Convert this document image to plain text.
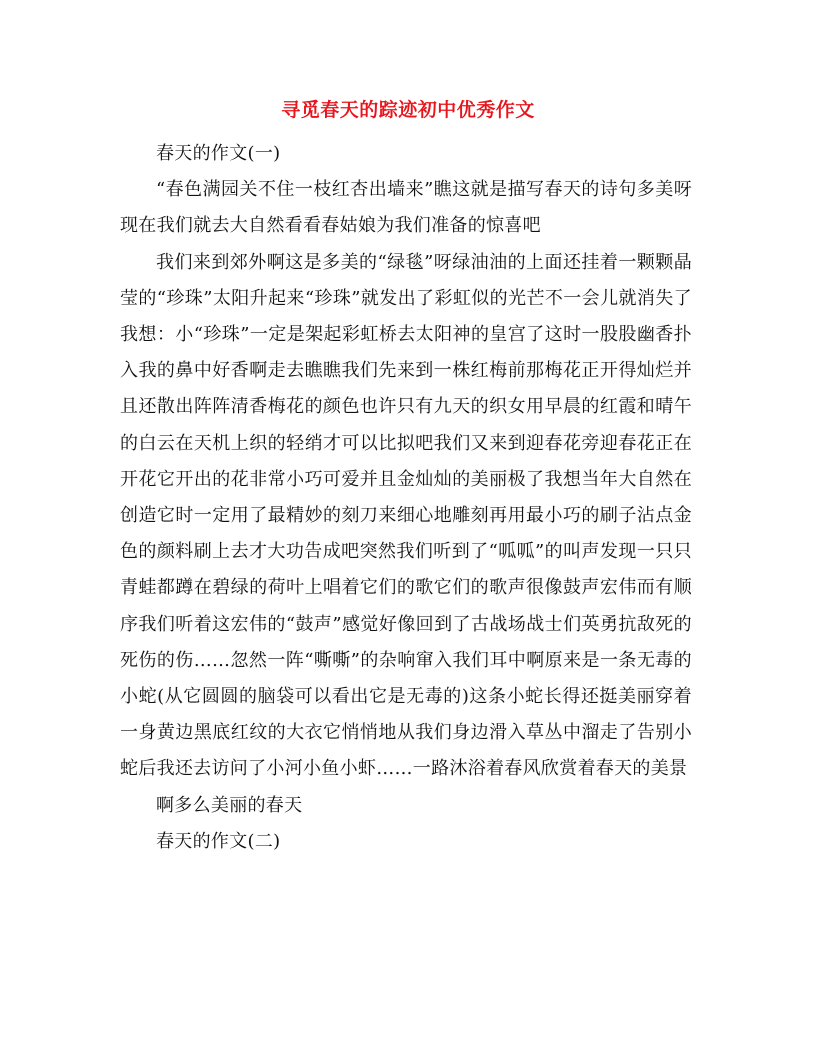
寻觅春天的踪迹初中优秀作文

春天的作文(一)

“春色满园关不住一枝红杏出墙来”瞧这就是描写春天的诗句多美呀现在我们就去大自然看看春姑娘为我们准备的惊喜吧

我们来到郊外啊这是多美的“绿毯”呀绿油油的上面还挂着一颗颗晶莹的“珍珠”太阳升起来“珍珠”就发出了彩虹似的光芒不一会儿就消失了我想：小“珍珠”一定是架起彩虹桥去太阳神的皇宫了这时一股股幽香扑入我的鼻中好香啊走去瞧瞧我们先来到一株红梅前那梅花正开得灿烂并且还散出阵阵清香梅花的颜色也许只有九天的织女用早晨的红霞和晴午的白云在天机上织的轻绡才可以比拟吧我们又来到迎春花旁迎春花正在开花它开出的花非常小巧可爱并且金灿灿的美丽极了我想当年大自然在创造它时一定用了最精妙的刻刀来细心地雕刻再用最小巧的刷子沾点金色的颜料刷上去才大功告成吧突然我们听到了“呱呱”的叫声发现一只只青蛙都蹲在碧绿的荷叶上唱着它们的歌它们的歌声很像鼓声宏伟而有顺序我们听着这宏伟的“鼓声”感觉好像回到了古战场战士们英勇抗敌死的死伤的伤……忽然一阵“嘶嘶”的杂响窜入我们耳中啊原来是一条无毒的小蛇(从它圆圆的脑袋可以看出它是无毒的)这条小蛇长得还挺美丽穿着一身黄边黑底红纹的大衣它悄悄地从我们身边滑入草丛中溜走了告别小蛇后我还去访问了小河小鱼小虾……一路沐浴着春风欣赏着春天的美景

啊多么美丽的春天

春天的作文(二)
